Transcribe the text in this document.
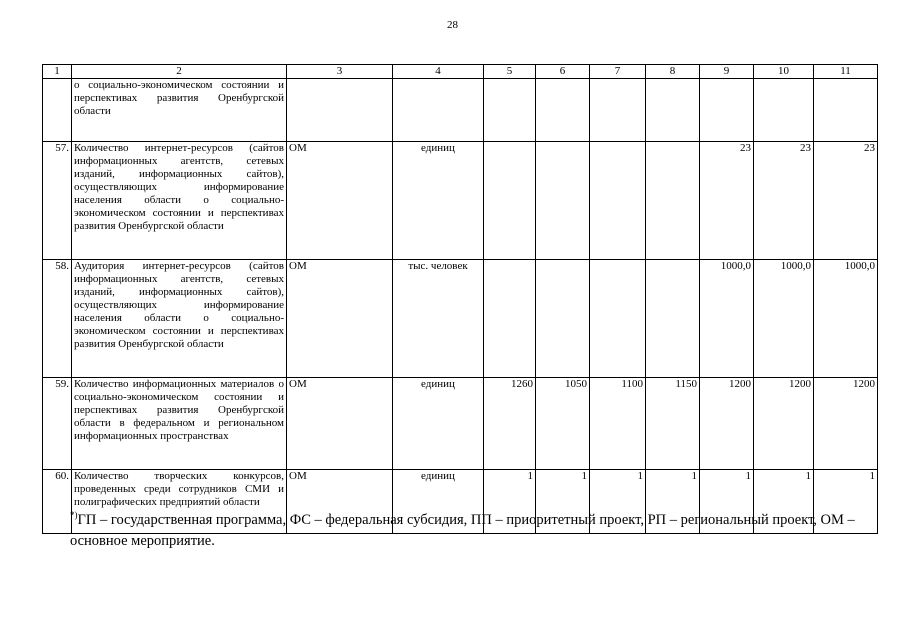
28
1	2	3	4	5	6	7	8	9	10	11
	о социально-экономическом состоянии и перспективах развития Оренбургской области									
57.	Количество интернет-ресурсов (сайтов информационных агентств, сетевых изданий, информационных сайтов), осуществляющих информирование населения области о социально-экономическом состоянии и перспективах развития Оренбургской области	ОМ	единиц					23	23	23
58.	Аудитория интернет-ресурсов (сайтов информационных агентств, сетевых изданий, информационных сайтов), осуществляющих информирование населения области о социально-экономическом состоянии и перспективах развития Оренбургской области	ОМ	тыс. человек					1000,0	1000,0	1000,0
59.	Количество информационных материалов о социально-экономическом состоянии и перспективах развития Оренбургской области в федеральном и региональном информационных пространствах	ОМ	единиц	1260	1050	1100	1150	1200	1200	1200
60.	Количество творческих конкурсов, проведенных среди сотрудников СМИ и полиграфических предприятий области	ОМ	единиц	1	1	1	1	1	1	1
*)ГП – государственная программа, ФС – федеральная субсидия, ПП – приоритетный проект, РП – региональный проект, ОМ – основное мероприятие.
